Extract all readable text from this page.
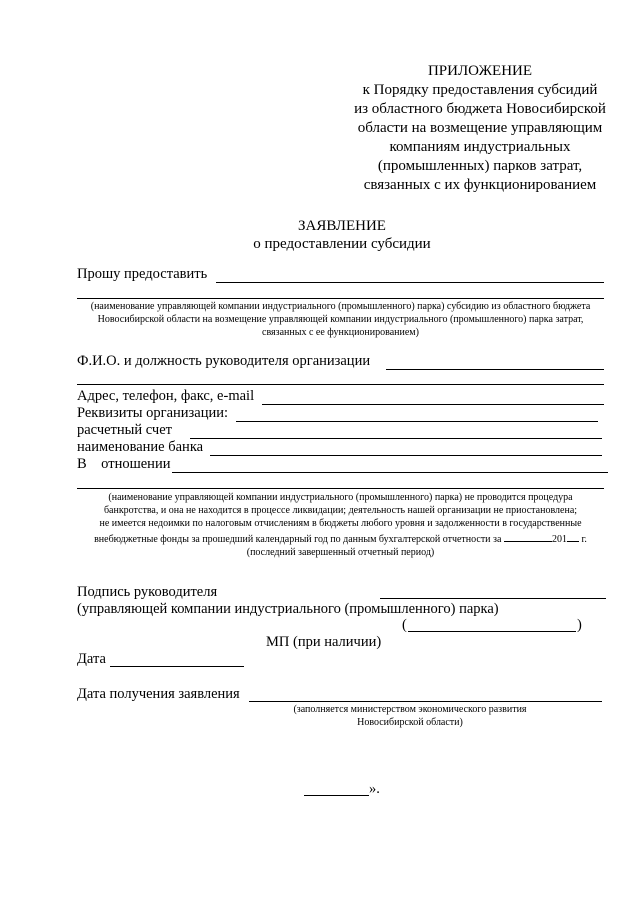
ПРИЛОЖЕНИЕ
к Порядку предоставления субсидий
из областного бюджета Новосибирской
области на возмещение управляющим
компаниям индустриальных
(промышленных) парков затрат,
связанных с их функционированием
ЗАЯВЛЕНИЕ
о предоставлении субсидии
Прошу предоставить
(наименование управляющей компании индустриального (промышленного) парка) субсидию из областного бюджета Новосибирской области на возмещение управляющей компании индустриального (промышленного) парка затрат, связанных с ее функционированием)
Ф.И.О. и должность руководителя организации
Адрес, телефон, факс, e-mail
Реквизиты организации:
расчетный счет
наименование банка
В    отношении
(наименование управляющей компании индустриального (промышленного) парка) не проводится процедура
банкротства, и она не находится в процессе ликвидации; деятельность нашей организации не приостановлена;
не имеется недоимки по налоговым отчислениям в бюджеты любого уровня и задолженности в государственные
внебюджетные фонды за прошедший календарный год по данным бухгалтерской отчетности за	201 г.
(последний завершенный отчетный период)
Подпись руководителя
(управляющей компании индустриального (промышленного) парка)
(	)
МП (при наличии)
Дата
Дата получения заявления
(заполняется министерством экономического развития
Новосибирской области)
».
